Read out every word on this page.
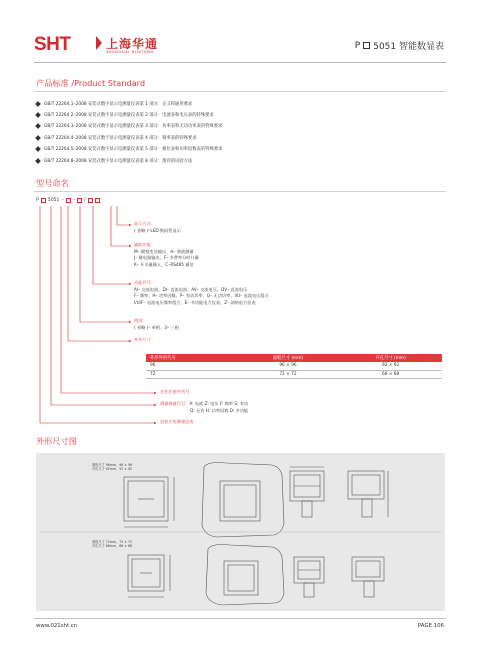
SHT	上海华通
SHANGHAI HUATONG
P 5051 智能数显表
产品标准 /Product Standard
GB/T 22264.1–2008 安装式数字显示电测量仪表第 1 部分：定义和通用要求
GB/T 22264.2–2008 安装式数字显示电测量仪表第 2 部分：电流表和电压表的特殊要求
GB/T 22264.3–2008 安装式数字显示电测量仪表第 3 部分：功率表和无功功率表的特殊要求
GB/T 22264.4–2008 安装式数字显示电测量仪表第 4 部分：频率表的特殊要求
GB/T 22264.5–2008 安装式数字显示电测量仪表第 5 部分：相位表和功率因数表的特殊要求
GB/T 22264.8–2008 安装式数字显示电测量仪表第 8 部分：推荐的试验方法
型号命名
P 5051 – – /
显示方式：
( 省略 )–LED 数码管显示
辅助功能：
M– 模拟变送输出、H– 谐波测量
J– 继电器输出、F– 多费率分时计量
K– 开关量输入、C–RS485 通信
功能代号：
AI– 交流电流、DI– 直流电流、AV– 交流电压、DV– 直流电压
F– 频率、H– 功率因数、P– 有功功率、Q– 无功功率、I/U– 电流电压组合
I/U/F– 电流电压频率组合、E– 多功能电力仪表、Z– 网络电力仪表
相别：
( 省略 )– 单相、3– 三相
外形尺寸
外形外形代号	面框尺寸 (mm)	开孔尺寸 (mm)
96	96 × 96	92 × 92
72	72 × 72	68 × 68
企业注册序列号
测量参量代号：A: 电流 Z: 电压 F: 频率 S: 有功
Q: 无功 H: 功率因数 D: 多功能
安装式电测量仪表
外形尺寸图
面框尺寸 96mm，96 × 96
开孔尺寸 92mm，92 × 92
面框尺寸 72mm，72 × 72
开孔尺寸 68mm，68 × 68
www.021sht.cn	PAGE 106
